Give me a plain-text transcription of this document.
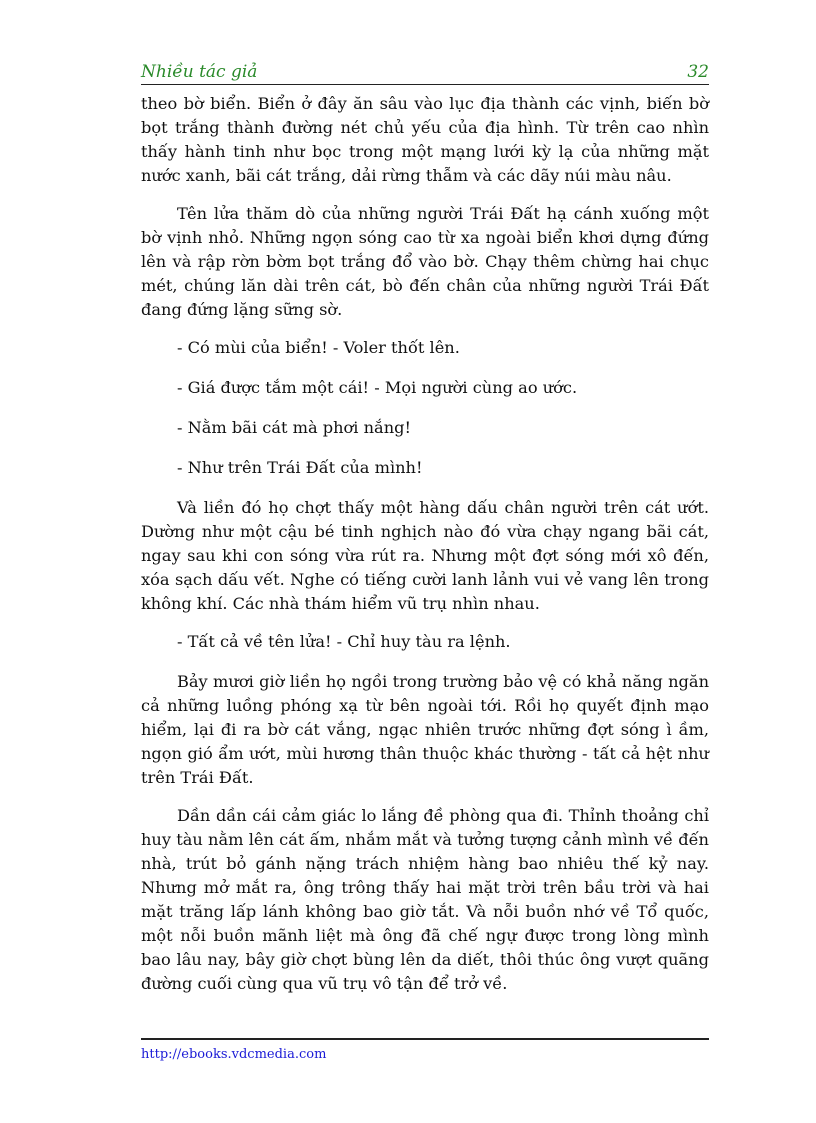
Nhiều tác giả	32

theo bờ biển. Biển ở đây ăn sâu vào lục địa thành các vịnh, biến bờ bọt trắng thành đường nét chủ yếu của địa hình. Từ trên cao nhìn thấy hành tinh như bọc trong một mạng lưới kỳ lạ của những mặt nước xanh, bãi cát trắng, dải rừng thẫm và các dãy núi màu nâu.

Tên lửa thăm dò của những người Trái Đất hạ cánh xuống một bờ vịnh nhỏ. Những ngọn sóng cao từ xa ngoài biển khơi dựng đứng lên và rập rờn bờm bọt trắng đổ vào bờ. Chạy thêm chừng hai chục mét, chúng lăn dài trên cát, bò đến chân của những người Trái Đất đang đứng lặng sững sờ.

- Có mùi của biển! - Voler thốt lên.

- Giá được tắm một cái! - Mọi người cùng ao ước.

- Nằm bãi cát mà phơi nắng!

- Như trên Trái Đất của mình!

Và liền đó họ chợt thấy một hàng dấu chân người trên cát ướt. Dường như một cậu bé tinh nghịch nào đó vừa chạy ngang bãi cát, ngay sau khi con sóng vừa rút ra. Nhưng một đợt sóng mới xô đến, xóa sạch dấu vết. Nghe có tiếng cười lanh lảnh vui vẻ vang lên trong không khí. Các nhà thám hiểm vũ trụ nhìn nhau.

- Tất cả về tên lửa! - Chỉ huy tàu ra lệnh.

Bảy mươi giờ liền họ ngồi trong trường bảo vệ có khả năng ngăn cả những luồng phóng xạ từ bên ngoài tới. Rồi họ quyết định mạo hiểm, lại đi ra bờ cát vắng, ngạc nhiên trước những đợt sóng ì ầm, ngọn gió ẩm ướt, mùi hương thân thuộc khác thường - tất cả hệt như trên Trái Đất.

Dần dần cái cảm giác lo lắng đề phòng qua đi. Thỉnh thoảng chỉ huy tàu nằm lên cát ấm, nhắm mắt và tưởng tượng cảnh mình về đến nhà, trút bỏ gánh nặng trách nhiệm hàng bao nhiêu thế kỷ nay. Nhưng mở mắt ra, ông trông thấy hai mặt trời trên bầu trời và hai mặt trăng lấp lánh không bao giờ tắt. Và nỗi buồn nhớ về Tổ quốc, một nỗi buồn mãnh liệt mà ông đã chế ngự được trong lòng mình bao lâu nay, bây giờ chợt bùng lên da diết, thôi thúc ông vượt quãng đường cuối cùng qua vũ trụ vô tận để trở về.

http://ebooks.vdcmedia.com
